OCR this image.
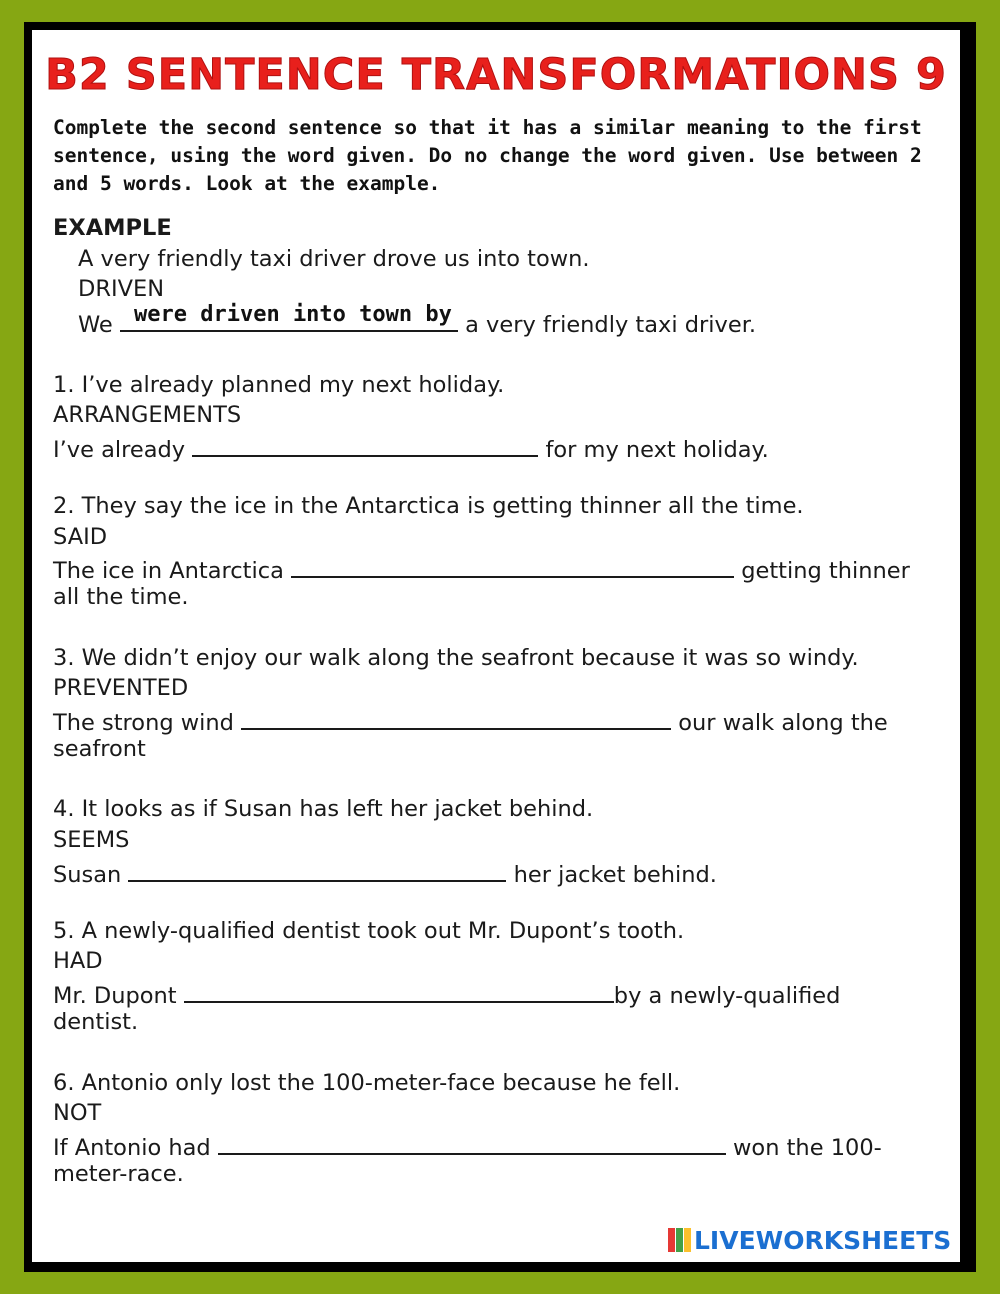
B2 SENTENCE TRANSFORMATIONS 9
Complete the second sentence so that it has a similar meaning to the first sentence, using the word given. Do no change the word given. Use between 2 and 5 words. Look at the example.
EXAMPLE
A very friendly taxi driver drove us into town.
DRIVEN
We	a very friendly taxi driver.
were driven into town by
1. I’ve already planned my next holiday.
ARRANGEMENTS
I’ve already	for my next holiday.
2. They say the ice in the Antarctica is getting thinner all the time.
SAID
The ice in Antarctica	getting thinner
all the time.
3. We didn’t enjoy our walk along the seafront because it was so windy.
PREVENTED
The strong wind	our walk along the
seafront
4. It looks as if Susan has left her jacket behind.
SEEMS
Susan	her jacket behind.
5. A newly-qualified dentist took out Mr. Dupont’s tooth.
HAD
Mr. Dupont	by a newly-qualified
dentist.
6. Antonio only lost the 100-meter-face because he fell.
NOT
If Antonio had	won the 100-
meter-race.
LIVEWORKSHEETS
